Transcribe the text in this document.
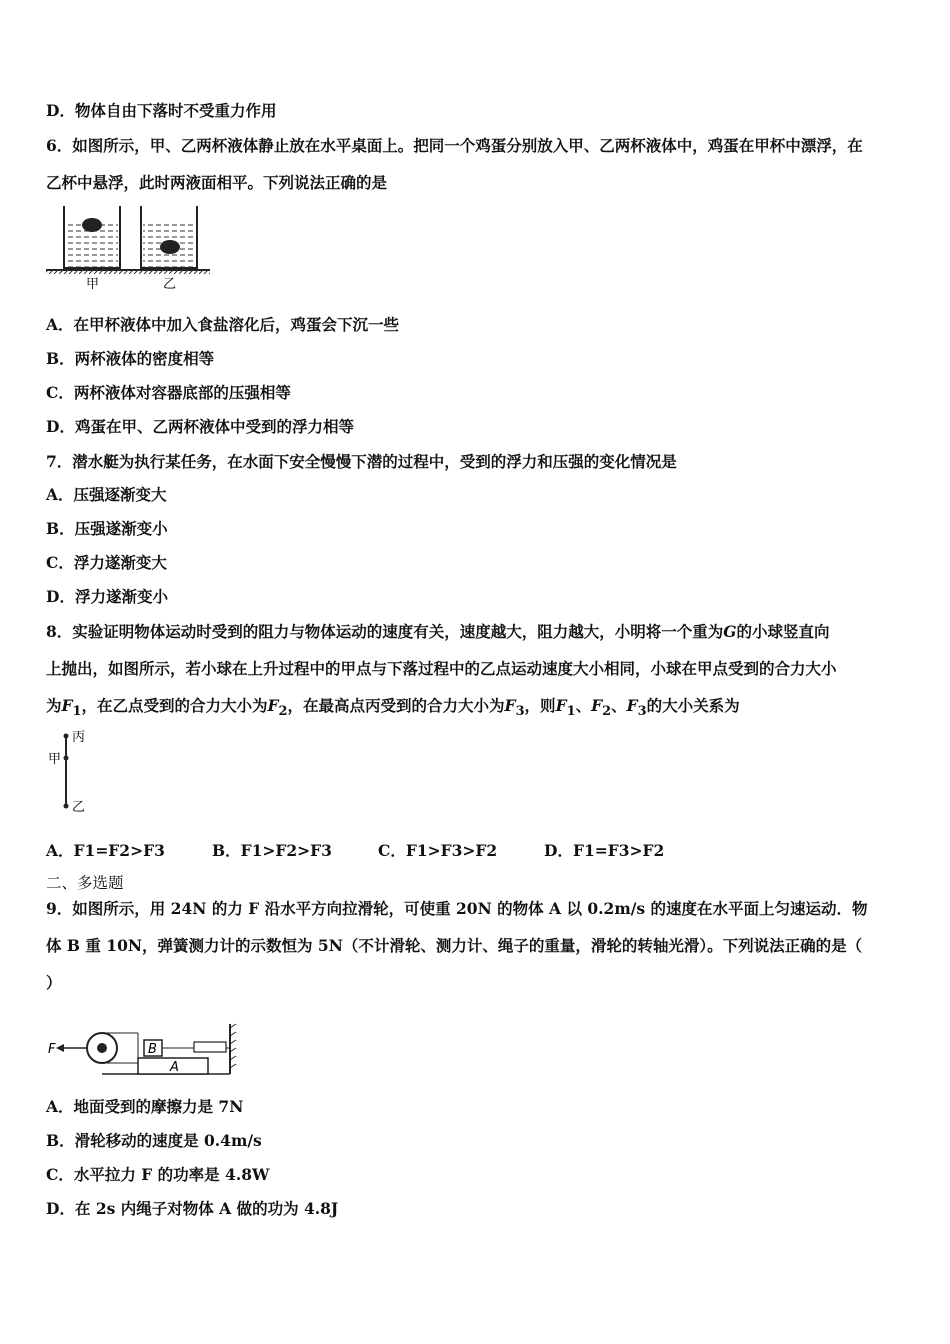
D．物体自由下落时不受重力作用
6．如图所示，甲、乙两杯液体静止放在水平桌面上。把同一个鸡蛋分别放入甲、乙两杯液体中，鸡蛋在甲杯中漂浮，在
乙杯中悬浮，此时两液面相平。下列说法正确的是
甲	乙
A．在甲杯液体中加入食盐溶化后，鸡蛋会下沉一些
B．两杯液体的密度相等
C．两杯液体对容器底部的压强相等
D．鸡蛋在甲、乙两杯液体中受到的浮力相等
7．潜水艇为执行某任务，在水面下安全慢慢下潜的过程中，受到的浮力和压强的变化情况是
A．压强逐渐变大
B．压强遂渐变小
C．浮力遂渐变大
D．浮力遂渐变小
8．实验证明物体运动时受到的阻力与物体运动的速度有关，速度越大，阻力越大，小明将一个重为G的小球竖直向
上抛出，如图所示，若小球在上升过程中的甲点与下落过程中的乙点运动速度大小相同，小球在甲点受到的合力大小
为$F_1$，在乙点受到的合力大小为$F_2$，在最高点丙受到的合力大小为$F_3$，则$F_1$、$F_2$、$F_3$的大小关系为
丙
甲
乙
A．F1=F2>F3	B．F1>F2>F3	C．F1>F3>F2	D．F1=F3>F2
二、多选题
9．如图所示，用 24N 的力 F 沿水平方向拉滑轮，可使重 20N 的物体 A 以 0.2m/s 的速度在水平面上匀速运动．物
体 B 重 10N，弹簧测力计的示数恒为 5N（不计滑轮、测力计、绳子的重量，滑轮的转轴光滑）。下列说法正确的是（
）
A
B
F
A．地面受到的摩擦力是 7N
B．滑轮移动的速度是 0.4m/s
C．水平拉力 F 的功率是 4.8W
D．在 2s 内绳子对物体 A 做的功为 4.8J
